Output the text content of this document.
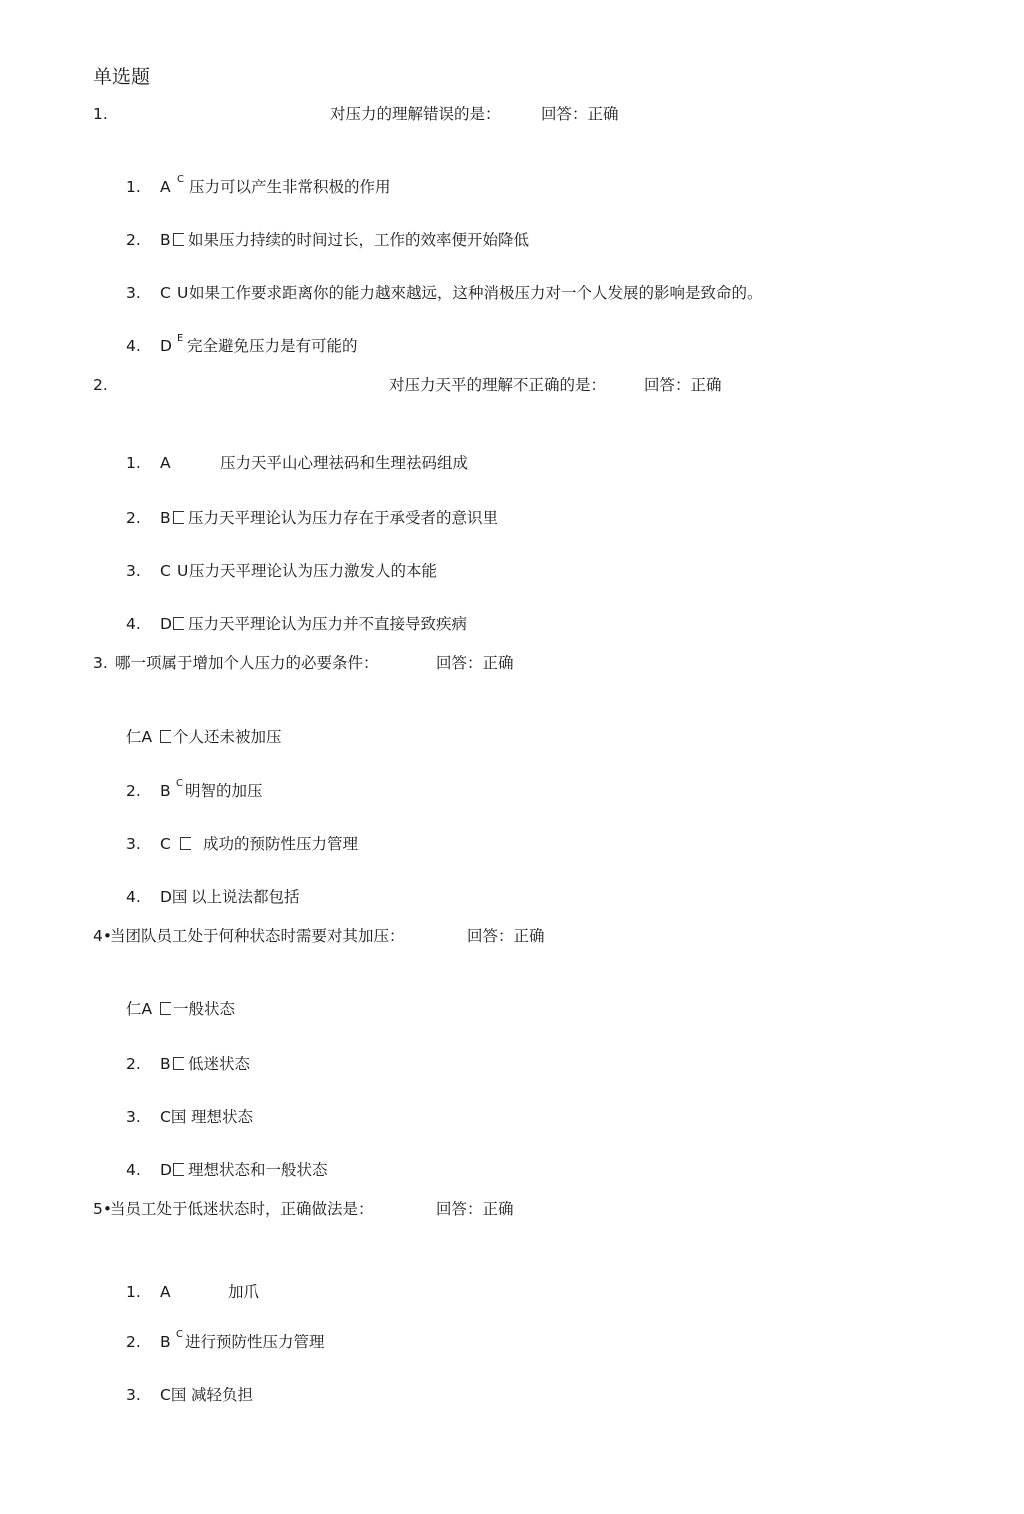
单选题
1.	对压力的理解错误的是：	回答：正确
1. A C 压力可以产生非常积极的作用
2. B 如果压力持续的时间过长，工作的效率便开始降低
3. C U 如果工作要求距离你的能力越來越远，这种消极压力对一个人发展的影响是致命的。
4. D E 完全避免压力是有可能的
2.	对压力天平的理解不正确的是： 回答：正确
1. A	压力天平山心理祛码和生理祛码组成
2. B 压力天平理论认为压力存在于承受者的意识里
3. C U 压力天平理论认为压力激发人的本能
4. D 压力天平理论认为压力并不直接导致疾病
3. 哪一项属于增加个人压力的必要条件：	回答：正确
仁A 个人还未被加压
2. B C 明智的加压
3. C 成功的预防性压力管理
4. D国 以上说法都包括
4•
当团队员工处于何种状态时需要对其加压：	回答：正确
仁A 一般状态
2. B 低迷状态
3. C国 理想状态
4. D 理想状态和一般状态
5•
当员工处于低迷状态时，正确做法是：	回答：正确
1. A	加爪
2. B C 进行预防性压力管理
3. C国 减轻负担
